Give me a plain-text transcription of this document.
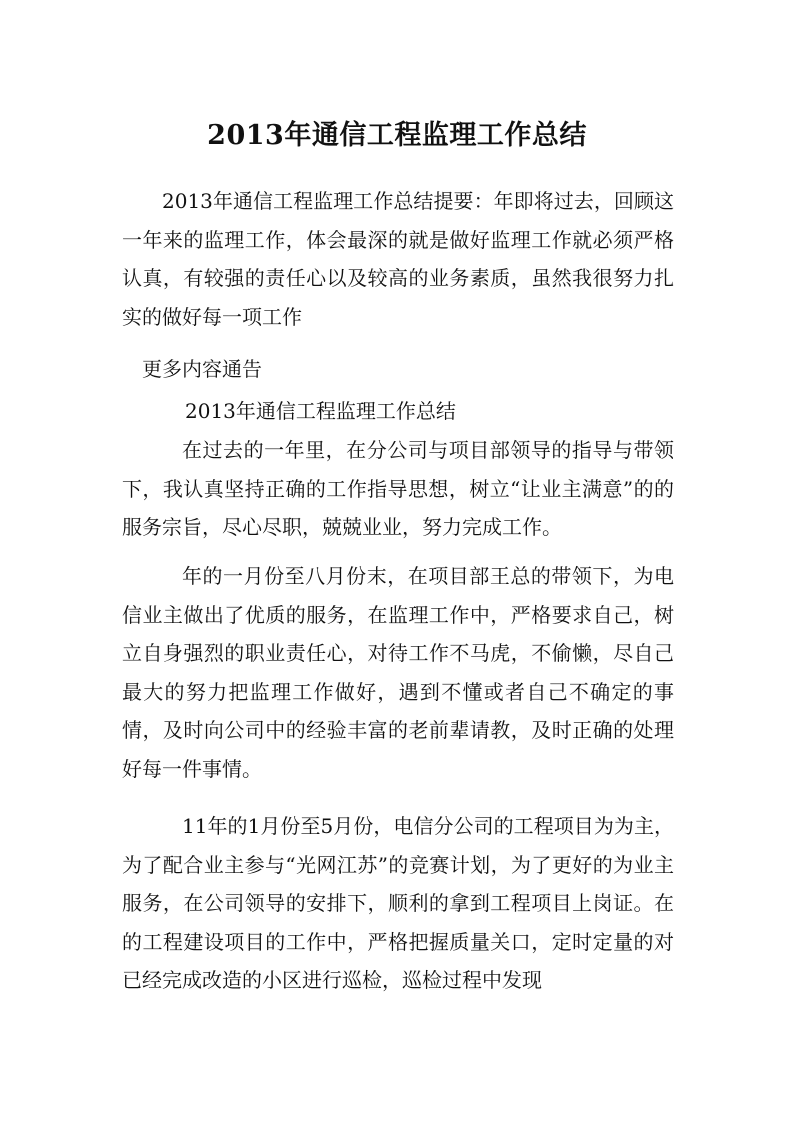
2013年通信工程监理工作总结

2013年通信工程监理工作总结提要：年即将过去，回顾这一年来的监理工作，体会最深的就是做好监理工作就必须严格认真，有较强的责任心以及较高的业务素质，虽然我很努力扎实的做好每一项工作

更多内容通告

2013年通信工程监理工作总结

在过去的一年里，在分公司与项目部领导的指导与带领下，我认真坚持正确的工作指导思想，树立“让业主满意”的的服务宗旨，尽心尽职，兢兢业业，努力完成工作。

年的一月份至八月份末，在项目部王总的带领下，为电信业主做出了优质的服务，在监理工作中，严格要求自己，树立自身强烈的职业责任心，对待工作不马虎，不偷懒，尽自己最大的努力把监理工作做好，遇到不懂或者自己不确定的事情，及时向公司中的经验丰富的老前辈请教，及时正确的处理好每一件事情。

11年的1月份至5月份，电信分公司的工程项目为为主，为了配合业主参与“光网江苏”的竞赛计划，为了更好的为业主服务，在公司领导的安排下，顺利的拿到工程项目上岗证。在的工程建设项目的工作中，严格把握质量关口，定时定量的对已经完成改造的小区进行巡检，巡检过程中发现
